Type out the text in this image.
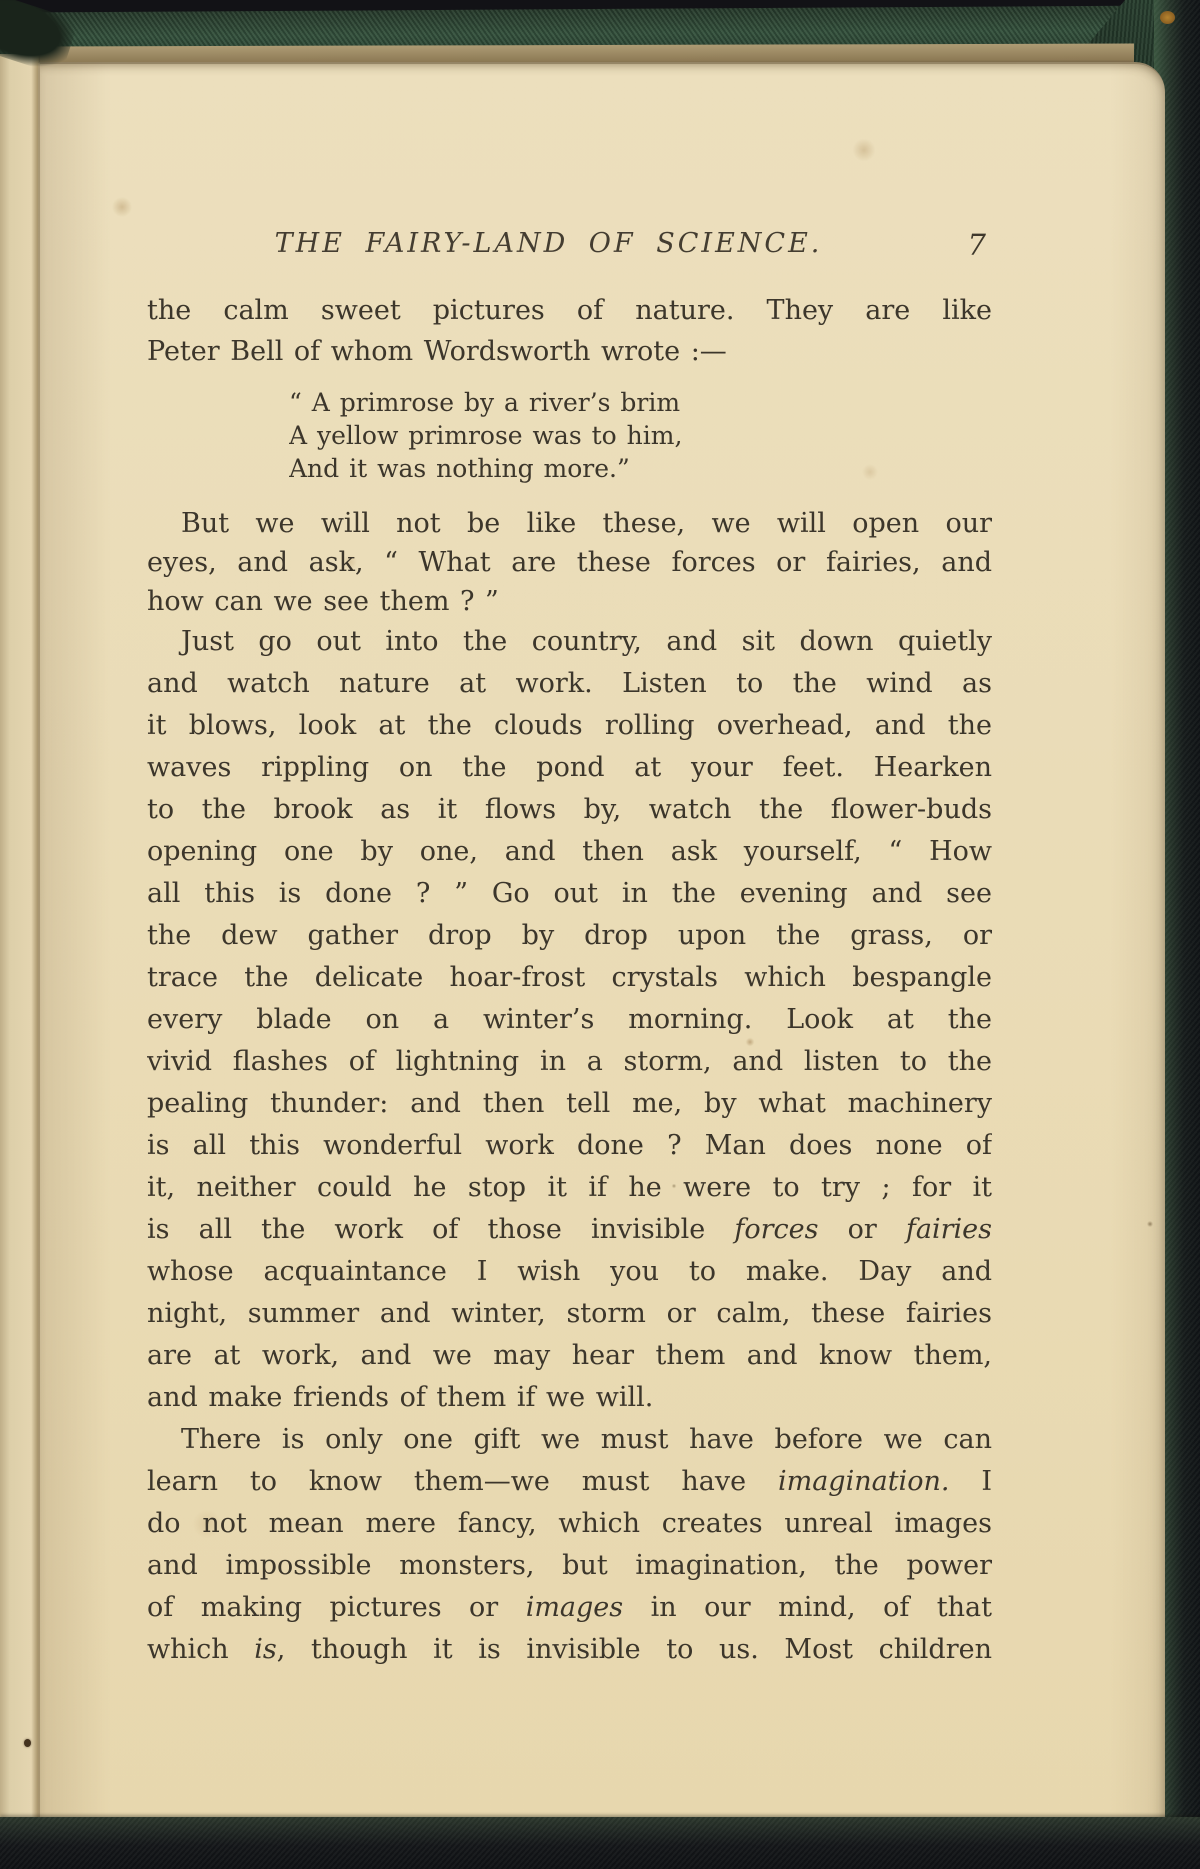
THE FAIRY-LAND OF SCIENCE.	7
the calm sweet pictures of nature. They are like
Peter Bell of whom Wordsworth wrote :—
“ A primrose by a river’s brim
A yellow primrose was to him,
And it was nothing more.”
But we will not be like these, we will open our
eyes, and ask, “ What are these forces or fairies, and
how can we see them ? ”
Just go out into the country, and sit down quietly
and watch nature at work. Listen to the wind as
it blows, look at the clouds rolling overhead, and the
waves rippling on the pond at your feet. Hearken
to the brook as it flows by, watch the flower-buds
opening one by one, and then ask yourself, “ How
all this is done ? ” Go out in the evening and see
the dew gather drop by drop upon the grass, or
trace the delicate hoar-frost crystals which bespangle
every blade on a winter’s morning. Look at the
vivid flashes of lightning in a storm, and listen to the
pealing thunder: and then tell me, by what machinery
is all this wonderful work done ? Man does none of
it, neither could he stop it if he were to try ; for it
is all the work of those invisible forces or fairies
whose acquaintance I wish you to make. Day and
night, summer and winter, storm or calm, these fairies
are at work, and we may hear them and know them,
and make friends of them if we will.
There is only one gift we must have before we can
learn to know them—we must have imagination. I
do not mean mere fancy, which creates unreal images
and impossible monsters, but imagination, the power
of making pictures or images in our mind, of that
which is, though it is invisible to us. Most children
